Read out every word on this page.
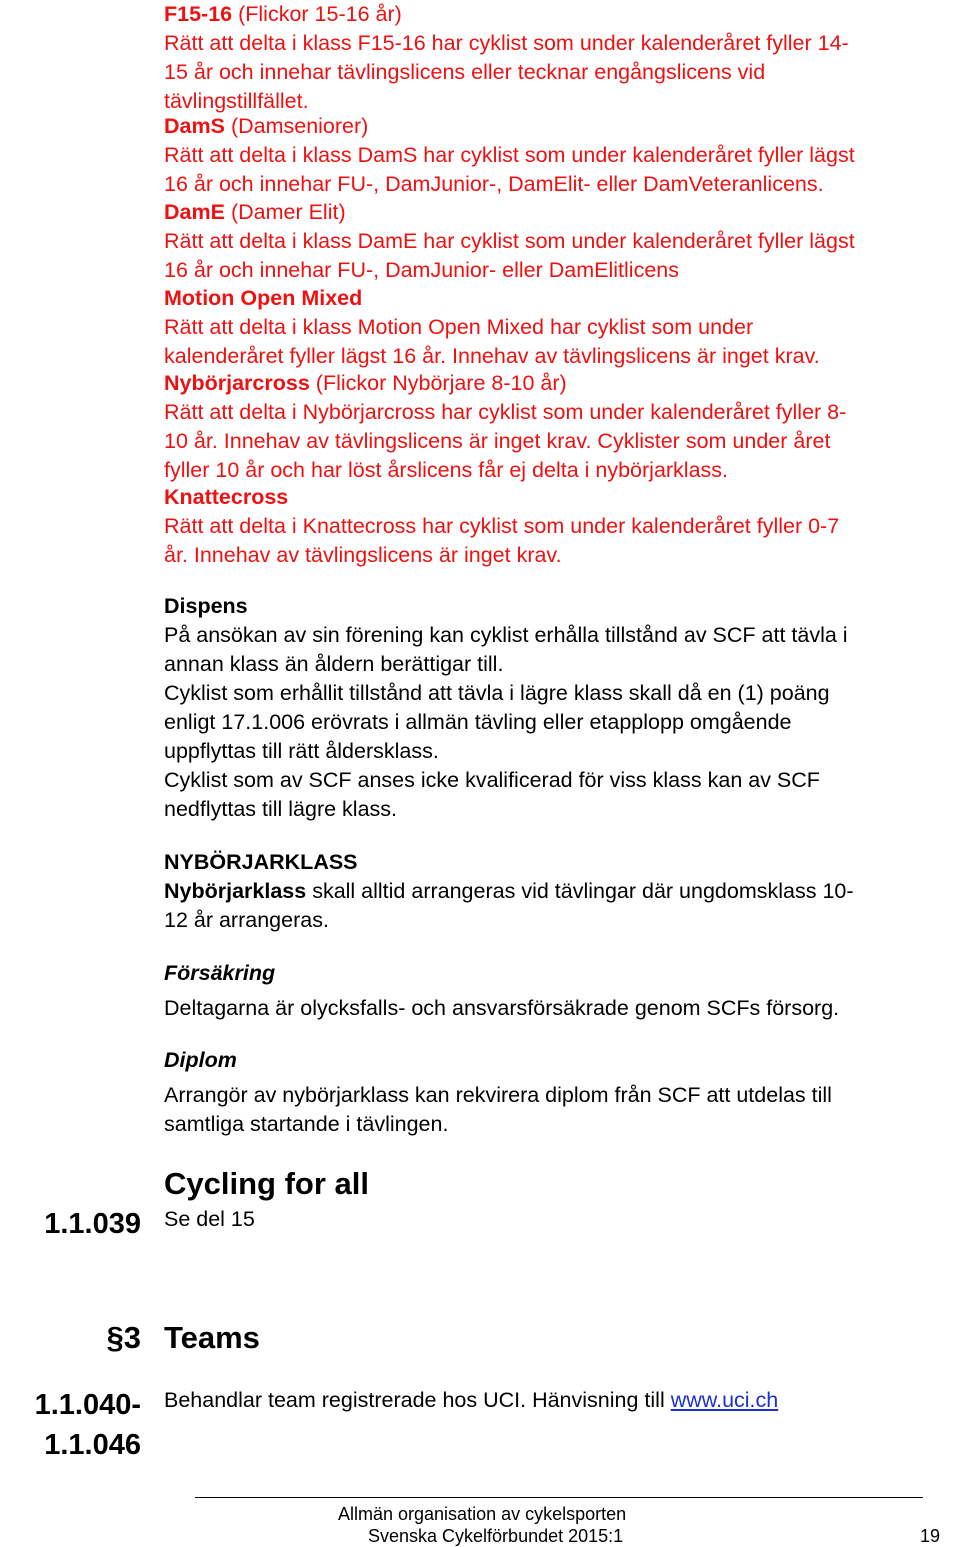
F15-16 (Flickor 15-16 år)
Rätt att delta i klass F15-16 har cyklist som under kalenderåret fyller 14-
15 år och innehar tävlingslicens eller tecknar engångslicens vid
tävlingstillfället.
DamS (Damseniorer)
Rätt att delta i klass DamS har cyklist som under kalenderåret fyller lägst
16 år och innehar FU-, DamJunior-, DamElit- eller DamVeteranlicens.
DamE (Damer Elit)
Rätt att delta i klass DamE har cyklist som under kalenderåret fyller lägst
16 år och innehar FU-, DamJunior- eller DamElitlicens
Motion Open Mixed
Rätt att delta i klass Motion Open Mixed har cyklist som under
kalenderåret fyller lägst 16 år. Innehav av tävlingslicens är inget krav.
Nybörjarcross (Flickor Nybörjare 8-10 år)
Rätt att delta i Nybörjarcross har cyklist som under kalenderåret fyller 8-
10 år. Innehav av tävlingslicens är inget krav. Cyklister som under året
fyller 10 år och har löst årslicens får ej delta i nybörjarklass.
Knattecross
Rätt att delta i Knattecross har cyklist som under kalenderåret fyller 0-7
år. Innehav av tävlingslicens är inget krav.
Dispens
På ansökan av sin förening kan cyklist erhålla tillstånd av SCF att tävla i
annan klass än åldern berättigar till.
Cyklist som erhållit tillstånd att tävla i lägre klass skall då en (1) poäng
enligt 17.1.006 erövrats i allmän tävling eller etapplopp omgående
uppflyttas till rätt åldersklass.
Cyklist som av SCF anses icke kvalificerad för viss klass kan av SCF
nedflyttas till lägre klass.
NYBÖRJARKLASS
Nybörjarklass skall alltid arrangeras vid tävlingar där ungdomsklass 10-
12 år arrangeras.
Försäkring
Deltagarna är olycksfalls- och ansvarsförsäkrade genom SCFs försorg.
Diplom
Arrangör av nybörjarklass kan rekvirera diplom från SCF att utdelas till
samtliga startande i tävlingen.
Cycling for all
1.1.039 Se del 15
§3 Teams
1.1.040-
1.1.046
Behandlar team registrerade hos UCI. Hänvisning till www.uci.ch
Allmän organisation av cykelsporten
Svenska Cykelförbundet 2015:1	19
